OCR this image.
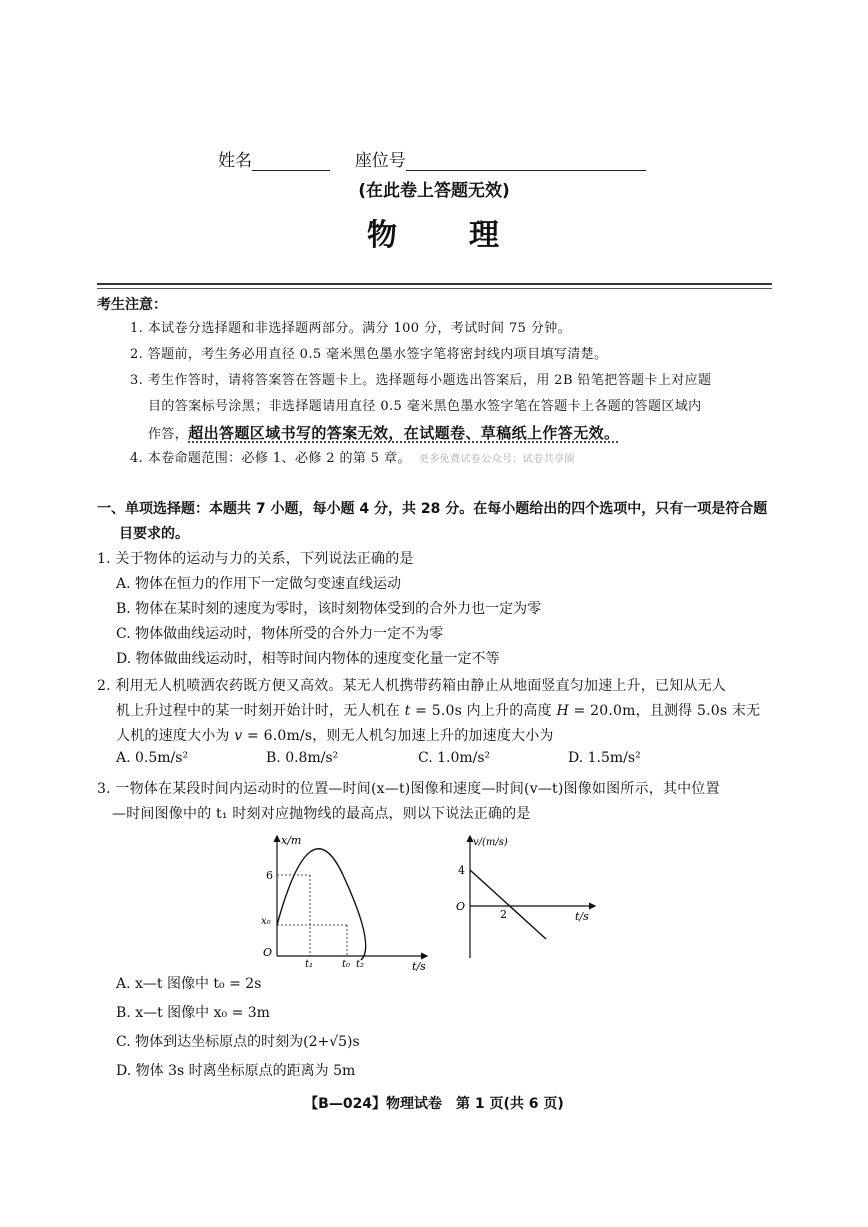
姓名	座位号
(在此卷上答题无效)
物 理
考生注意：
1. 本试卷分选择题和非选择题两部分。满分 100 分，考试时间 75 分钟。
2. 答题前，考生务必用直径 0.5 毫米黑色墨水签字笔将密封线内项目填写清楚。
3. 考生作答时，请将答案答在答题卡上。选择题每小题选出答案后，用 2B 铅笔把答题卡上对应题
目的答案标号涂黑；非选择题请用直径 0.5 毫米黑色墨水签字笔在答题卡上各题的答题区域内
作答，超出答题区域书写的答案无效，在试题卷、草稿纸上作答无效。
4. 本卷命题范围：必修 1、必修 2 的第 5 章。 更多免费试卷公众号：试卷共享圈
一、单项选择题：本题共 7 小题，每小题 4 分，共 28 分。在每小题给出的四个选项中，只有一项是符合题
目要求的。
1. 关于物体的运动与力的关系，下列说法正确的是
A. 物体在恒力的作用下一定做匀变速直线运动
B. 物体在某时刻的速度为零时，该时刻物体受到的合外力也一定为零
C. 物体做曲线运动时，物体所受的合外力一定不为零
D. 物体做曲线运动时，相等时间内物体的速度变化量一定不等
2. 利用无人机喷洒农药既方便又高效。某无人机携带药箱由静止从地面竖直匀加速上升，已知从无人
机上升过程中的某一时刻开始计时，无人机在 t = 5.0s 内上升的高度 H = 20.0m，且测得 5.0s 末无
人机的速度大小为 v = 6.0m/s，则无人机匀加速上升的加速度大小为
A. 0.5m/s²	B. 0.8m/s²	C. 1.0m/s²	D. 1.5m/s²
3. 一物体在某段时间内运动时的位置—时间(x—t)图像和速度—时间(v—t)图像如图所示，其中位置
—时间图像中的 t₁ 时刻对应抛物线的最高点，则以下说法正确的是
x/m
t/s
O
6
x₀
t₁	t₀ t₂
v/(m/s)
t/s
O
4
2
A. x—t 图像中 t₀ = 2s
B. x—t 图像中 x₀ = 3m
C. 物体到达坐标原点的时刻为(2+√5)s
D. 物体 3s 时离坐标原点的距离为 5m
【B—024】物理试卷　第 1 页(共 6 页)
